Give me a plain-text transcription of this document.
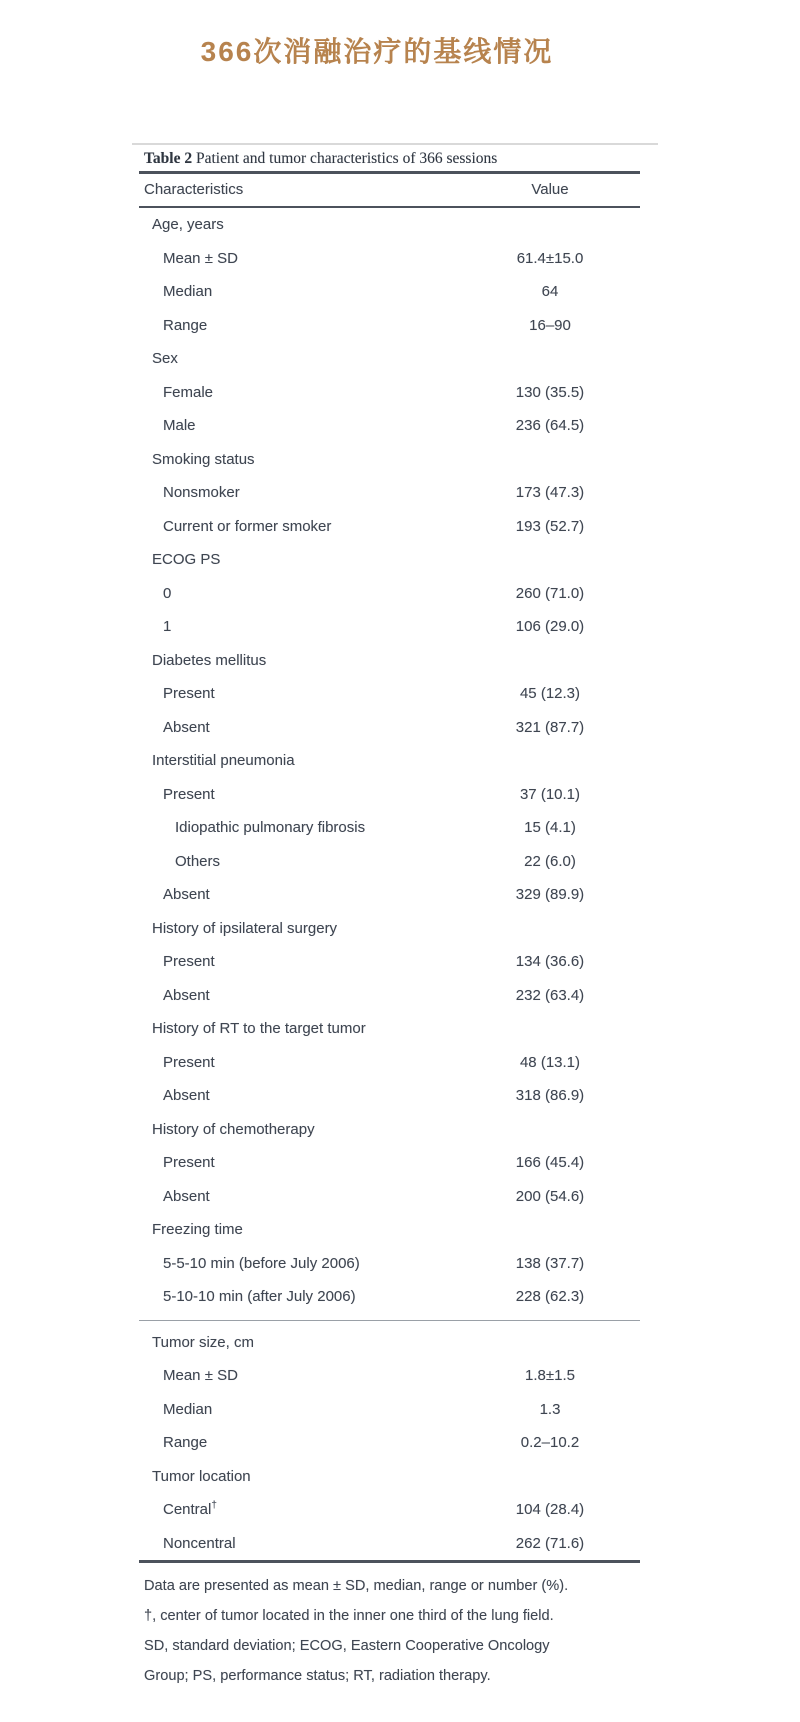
366次消融治疗的基线情况
Table 2 Patient and tumor characteristics of 366 sessions
Characteristics	Value
Age, years
Mean ± SD	61.4±15.0
Median	64
Range	16–90
Sex
Female	130 (35.5)
Male	236 (64.5)
Smoking status
Nonsmoker	173 (47.3)
Current or former smoker	193 (52.7)
ECOG PS
0	260 (71.0)
1	106 (29.0)
Diabetes mellitus
Present	45 (12.3)
Absent	321 (87.7)
Interstitial pneumonia
Present	37 (10.1)
Idiopathic pulmonary fibrosis	15 (4.1)
Others	22 (6.0)
Absent	329 (89.9)
History of ipsilateral surgery
Present	134 (36.6)
Absent	232 (63.4)
History of RT to the target tumor
Present	48 (13.1)
Absent	318 (86.9)
History of chemotherapy
Present	166 (45.4)
Absent	200 (54.6)
Freezing time
5-5-10 min (before July 2006)	138 (37.7)
5-10-10 min (after July 2006)	228 (62.3)
Tumor size, cm
Mean ± SD	1.8±1.5
Median	1.3
Range	0.2–10.2
Tumor location
Central†	104 (28.4)
Noncentral	262 (71.6)
Data are presented as mean ± SD, median, range or number (%).
†, center of tumor located in the inner one third of the lung field.
SD, standard deviation; ECOG, Eastern Cooperative Oncology
Group; PS, performance status; RT, radiation therapy.
